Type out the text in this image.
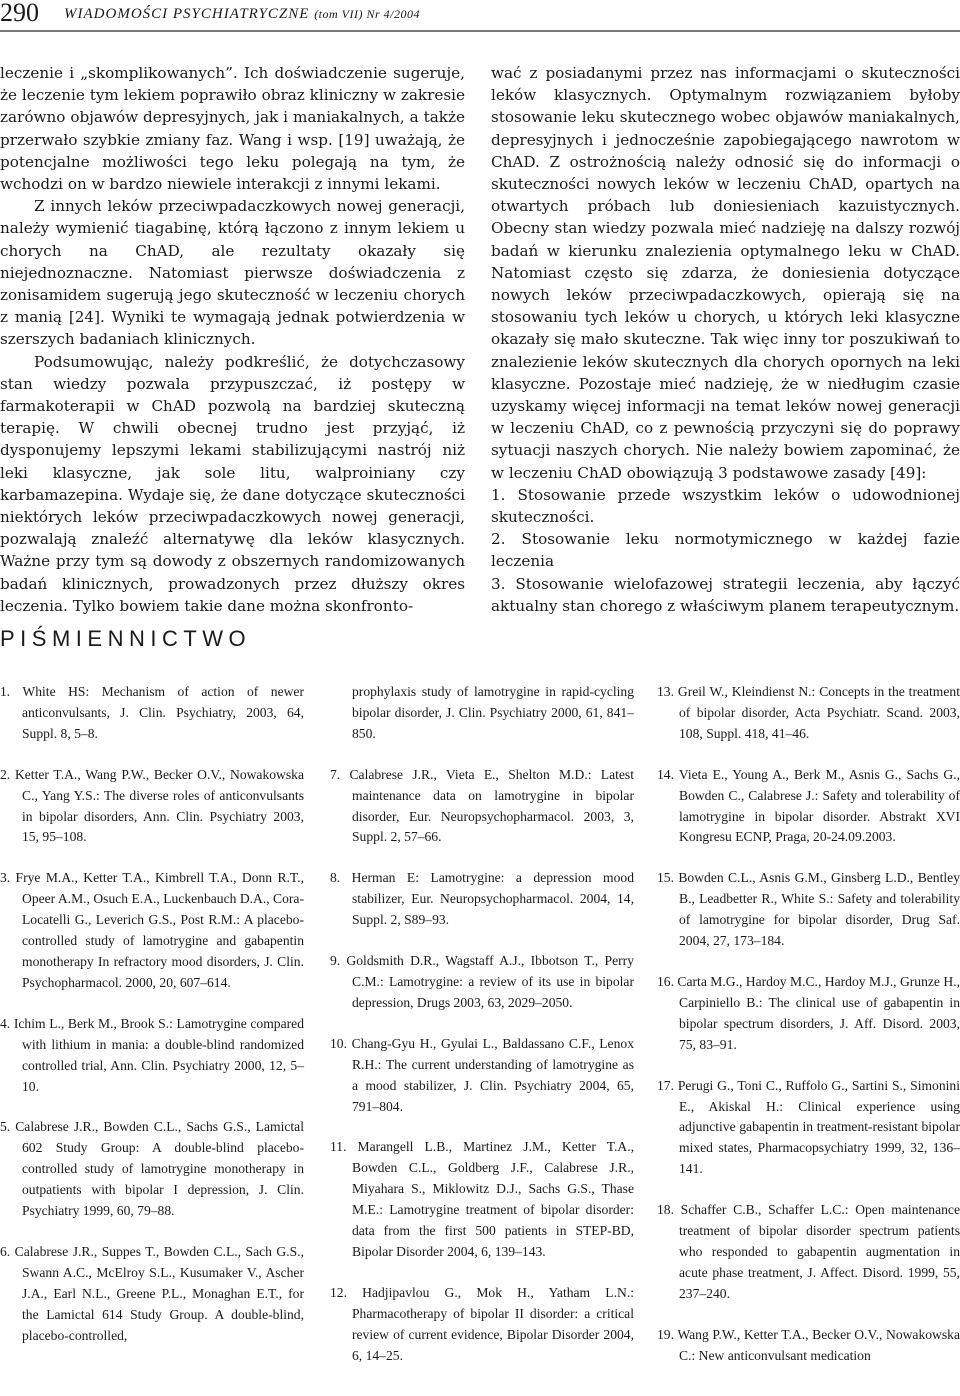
290 WIADOMOŚCI PSYCHIATRYCZNE (tom VII) Nr 4/2004

leczenie i „skomplikowanych”. Ich doświadczenie sugeruje, że leczenie tym lekiem poprawiło obraz kliniczny w zakresie zarówno objawów depresyjnych, jak i maniakalnych, a także przerwało szybkie zmiany faz. Wang i wsp. [19] uważają, że potencjalne możliwości tego leku polegają na tym, że wchodzi on w bardzo niewiele interakcji z innymi lekami.

Z innych leków przeciwpadaczkowych nowej generacji, należy wymienić tiagabinę, którą łączono z innym lekiem u chorych na ChAD, ale rezultaty okazały się niejednoznaczne. Natomiast pierwsze doświadczenia z zonisamidem sugerują jego skuteczność w leczeniu chorych z manią [24]. Wyniki te wymagają jednak potwierdzenia w szerszych badaniach klinicznych.

Podsumowując, należy podkreślić, że dotychczasowy stan wiedzy pozwala przypuszczać, iż postępy w farmakoterapii w ChAD pozwolą na bardziej skuteczną terapię. W chwili obecnej trudno jest przyjąć, iż dysponujemy lepszymi lekami stabilizującymi nastrój niż leki klasyczne, jak sole litu, walproiniany czy karbamazepina. Wydaje się, że dane dotyczące skuteczności niektórych leków przeciwpadaczkowych nowej generacji, pozwalają znaleźć alternatywę dla leków klasycznych. Ważne przy tym są dowody z obszernych randomizowanych badań klinicznych, prowadzonych przez dłuższy okres leczenia. Tylko bowiem takie dane można skonfronto-

wać z posiadanymi przez nas informacjami o skuteczności leków klasycznych. Optymalnym rozwiązaniem byłoby stosowanie leku skutecznego wobec objawów maniakalnych, depresyjnych i jednocześnie zapobiegającego nawrotom w ChAD. Z ostrożnością należy odnosić się do informacji o skuteczności nowych leków w leczeniu ChAD, opartych na otwartych próbach lub doniesieniach kazuistycznych. Obecny stan wiedzy pozwala mieć nadzieję na dalszy rozwój badań w kierunku znalezienia optymalnego leku w ChAD. Natomiast często się zdarza, że doniesienia dotyczące nowych leków przeciwpadaczkowych, opierają się na stosowaniu tych leków u chorych, u których leki klasyczne okazały się mało skuteczne. Tak więc inny tor poszukiwań to znalezienie leków skutecznych dla chorych opornych na leki klasyczne. Pozostaje mieć nadzieję, że w niedługim czasie uzyskamy więcej informacji na temat leków nowej generacji w leczeniu ChAD, co z pewnością przyczyni się do poprawy sytuacji naszych chorych. Nie należy bowiem zapominać, że w leczeniu ChAD obowiązują 3 podstawowe zasady [49]:

1. Stosowanie przede wszystkim leków o udowodnionej skuteczności.

2. Stosowanie leku normotymicznego w każdej fazie leczenia

3. Stosowanie wielofazowej strategii leczenia, aby łączyć aktualny stan chorego z właściwym planem terapeutycznym.

PIŚMIENNICTWO

1. White HS: Mechanism of action of newer anticonvulsants, J. Clin. Psychiatry, 2003, 64, Suppl. 8, 5–8.

2. Ketter T.A., Wang P.W., Becker O.V., Nowakowska C., Yang Y.S.: The diverse roles of anticonvulsants in bipolar disorders, Ann. Clin. Psychiatry 2003, 15, 95–108.

3. Frye M.A., Ketter T.A., Kimbrell T.A., Donn R.T., Opeer A.M., Osuch E.A., Luckenbauch D.A., Cora-Locatelli G., Leverich G.S., Post R.M.: A placebo-controlled study of lamotrygine and gabapentin monotherapy In refractory mood disorders, J. Clin. Psychopharmacol. 2000, 20, 607–614.

4. Ichim L., Berk M., Brook S.: Lamotrygine compared with lithium in mania: a double-blind randomized controlled trial, Ann. Clin. Psychiatry 2000, 12, 5–10.

5. Calabrese J.R., Bowden C.L., Sachs G.S., Lamictal 602 Study Group: A double-blind placebo-controlled study of lamotrygine monotherapy in outpatients with bipolar I depression, J. Clin. Psychiatry 1999, 60, 79–88.

6. Calabrese J.R., Suppes T., Bowden C.L., Sach G.S., Swann A.C., McElroy S.L., Kusumaker V., Ascher J.A., Earl N.L., Greene P.L., Monaghan E.T., for the Lamictal 614 Study Group. A double-blind, placebo-controlled,

prophylaxis study of lamotrygine in rapid-cycling bipolar disorder, J. Clin. Psychiatry 2000, 61, 841–850.

7. Calabrese J.R., Vieta E., Shelton M.D.: Latest maintenance data on lamotrygine in bipolar disorder, Eur. Neuropsychopharmacol. 2003, 3, Suppl. 2, 57–66.

8. Herman E: Lamotrygine: a depression mood stabilizer, Eur. Neuropsychopharmacol. 2004, 14, Suppl. 2, S89–93.

9. Goldsmith D.R., Wagstaff A.J., Ibbotson T., Perry C.M.: Lamotrygine: a review of its use in bipolar depression, Drugs 2003, 63, 2029–2050.

10. Chang-Gyu H., Gyulai L., Baldassano C.F., Lenox R.H.: The current understanding of lamotrygine as a mood stabilizer, J. Clin. Psychiatry 2004, 65, 791–804.

11. Marangell L.B., Martinez J.M., Ketter T.A., Bowden C.L., Goldberg J.F., Calabrese J.R., Miyahara S., Miklowitz D.J., Sachs G.S., Thase M.E.: Lamotrygine treatment of bipolar disorder: data from the first 500 patients in STEP-BD, Bipolar Disorder 2004, 6, 139–143.

12. Hadjipavlou G., Mok H., Yatham L.N.: Pharmacotherapy of bipolar II disorder: a critical review of current evidence, Bipolar Disorder 2004, 6, 14–25.

13. Greil W., Kleindienst N.: Concepts in the treatment of bipolar disorder, Acta Psychiatr. Scand. 2003, 108, Suppl. 418, 41–46.

14. Vieta E., Young A., Berk M., Asnis G., Sachs G., Bowden C., Calabrese J.: Safety and tolerability of lamotrygine in bipolar disorder. Abstrakt XVI Kongresu ECNP, Praga, 20-24.09.2003.

15. Bowden C.L., Asnis G.M., Ginsberg L.D., Bentley B., Leadbetter R., White S.: Safety and tolerability of lamotrygine for bipolar disorder, Drug Saf. 2004, 27, 173–184.

16. Carta M.G., Hardoy M.C., Hardoy M.J., Grunze H., Carpiniello B.: The clinical use of gabapentin in bipolar spectrum disorders, J. Aff. Disord. 2003, 75, 83–91.

17. Perugi G., Toni C., Ruffolo G., Sartini S., Simonini E., Akiskal H.: Clinical experience using adjunctive gabapentin in treatment-resistant bipolar mixed states, Pharmacopsychiatry 1999, 32, 136–141.

18. Schaffer C.B., Schaffer L.C.: Open maintenance treatment of bipolar disorder spectrum patients who responded to gabapentin augmentation in acute phase treatment, J. Affect. Disord. 1999, 55, 237–240.

19. Wang P.W., Ketter T.A., Becker O.V., Nowakowska C.: New anticonvulsant medication
